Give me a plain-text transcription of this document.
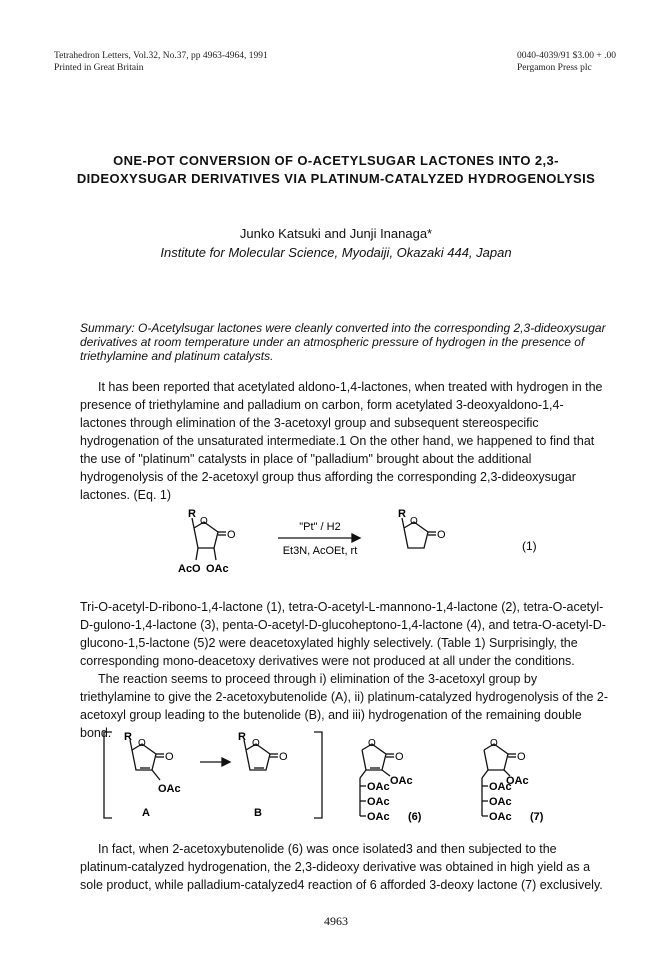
Tetrahedron Letters, Vol.32, No.37, pp 4963-4964, 1991
Printed in Great Britain
0040-4039/91 $3.00 + .00
Pergamon Press plc
ONE-POT CONVERSION OF O-ACETYLSUGAR LACTONES INTO 2,3-DIDEOXYSUGAR DERIVATIVES VIA PLATINUM-CATALYZED HYDROGENOLYSIS
Junko Katsuki and Junji Inanaga*
Institute for Molecular Science, Myodaiji, Okazaki 444, Japan
Summary: O-Acetylsugar lactones were cleanly converted into the corresponding 2,3-dideoxysugar derivatives at room temperature under an atmospheric pressure of hydrogen in the presence of triethylamine and platinum catalysts.
It has been reported that acetylated aldono-1,4-lactones, when treated with hydrogen in the presence of triethylamine and palladium on carbon, form acetylated 3-deoxyaldono-1,4-lactones through elimination of the 3-acetoxyl group and subsequent stereospecific hydrogenation of the unsaturated intermediate.1 On the other hand, we happened to find that the use of "platinum" catalysts in place of "palladium" brought about the additional hydrogenolysis of the 2-acetoxyl group thus affording the corresponding 2,3-dideoxysugar lactones. (Eq. 1)
R
O
O
AcO OAc
"Pt" / H2
Et3N, AcOEt, rt
R
O
O
(1)
Tri-O-acetyl-D-ribono-1,4-lactone (1), tetra-O-acetyl-L-mannono-1,4-lactone (2), tetra-O-acetyl-D-gulono-1,4-lactone (3), penta-O-acetyl-D-glucoheptono-1,4-lactone (4), and tetra-O-acetyl-D-glucono-1,5-lactone (5)2 were deacetoxylated highly selectively. (Table 1) Surprisingly, the corresponding mono-deacetoxy derivatives were not produced at all under the conditions.
The reaction seems to proceed through i) elimination of the 3-acetoxyl group by triethylamine to give the 2-acetoxybutenolide (A), ii) platinum-catalyzed hydrogenolysis of the 2-acetoxyl group leading to the butenolide (B), and iii) hydrogenation of the remaining double bond.	R
O
O
OAc
A
R
O
O
B
O
O
OAc
OAc
OAc
OAc (6)
O
O
OAc
OAc
OAc
OAc (7)
In fact, when 2-acetoxybutenolide (6) was once isolated3 and then subjected to the platinum-catalyzed hydrogenation, the 2,3-dideoxy derivative was obtained in high yield as a sole product, while palladium-catalyzed4 reaction of 6 afforded 3-deoxy lactone (7) exclusively.
4963
